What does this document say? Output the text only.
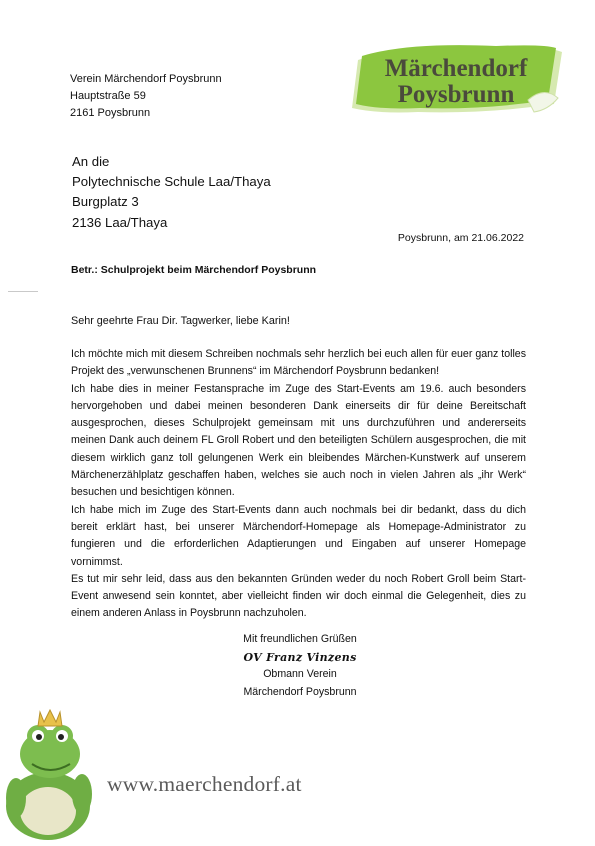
Verein Märchendorf Poysbrunn
Hauptstraße 59
2161 Poysbrunn
Märchendorf
Poysbrunn
An die
Polytechnische Schule Laa/Thaya
Burgplatz 3
2136 Laa/Thaya
Poysbrunn, am 21.06.2022
Betr.: Schulprojekt beim Märchendorf Poysbrunn
Sehr geehrte Frau Dir. Tagwerker, liebe Karin!

Ich möchte mich mit diesem Schreiben nochmals sehr herzlich bei euch allen für euer ganz tolles Projekt des „verwunschenen Brunnens“ im Märchendorf Poysbrunn bedanken!

Ich habe dies in meiner Festansprache im Zuge des Start-Events am 19.6. auch besonders hervorgehoben und dabei meinen besonderen Dank einerseits dir für deine Bereitschaft ausgesprochen, dieses Schulprojekt gemeinsam mit uns durchzuführen und andererseits meinen Dank auch deinem FL Groll Robert und den beteiligten Schülern ausgesprochen, die mit diesem wirklich ganz toll gelungenen Werk ein bleibendes Märchen-Kunstwerk auf unserem Märchenerzählplatz geschaffen haben, welches sie auch noch in vielen Jahren als „ihr Werk“ besuchen und besichtigen können.

Ich habe mich im Zuge des Start-Events dann auch nochmals bei dir bedankt, dass du dich bereit erklärt hast, bei unserer Märchendorf-Homepage als Homepage-Administrator zu fungieren und die erforderlichen Adaptierungen und Eingaben auf unserer Homepage vornimmst.

Es tut mir sehr leid, dass aus den bekannten Gründen weder du noch Robert Groll beim Start-Event anwesend sein konntet, aber vielleicht finden wir doch einmal die Gelegenheit, dies zu einem anderen Anlass in Poysbrunn nachzuholen.

Mit freundlichen Grüßen
OV Franz Vinzens
Obmann Verein
Märchendorf Poysbrunn
www.maerchendorf.at
